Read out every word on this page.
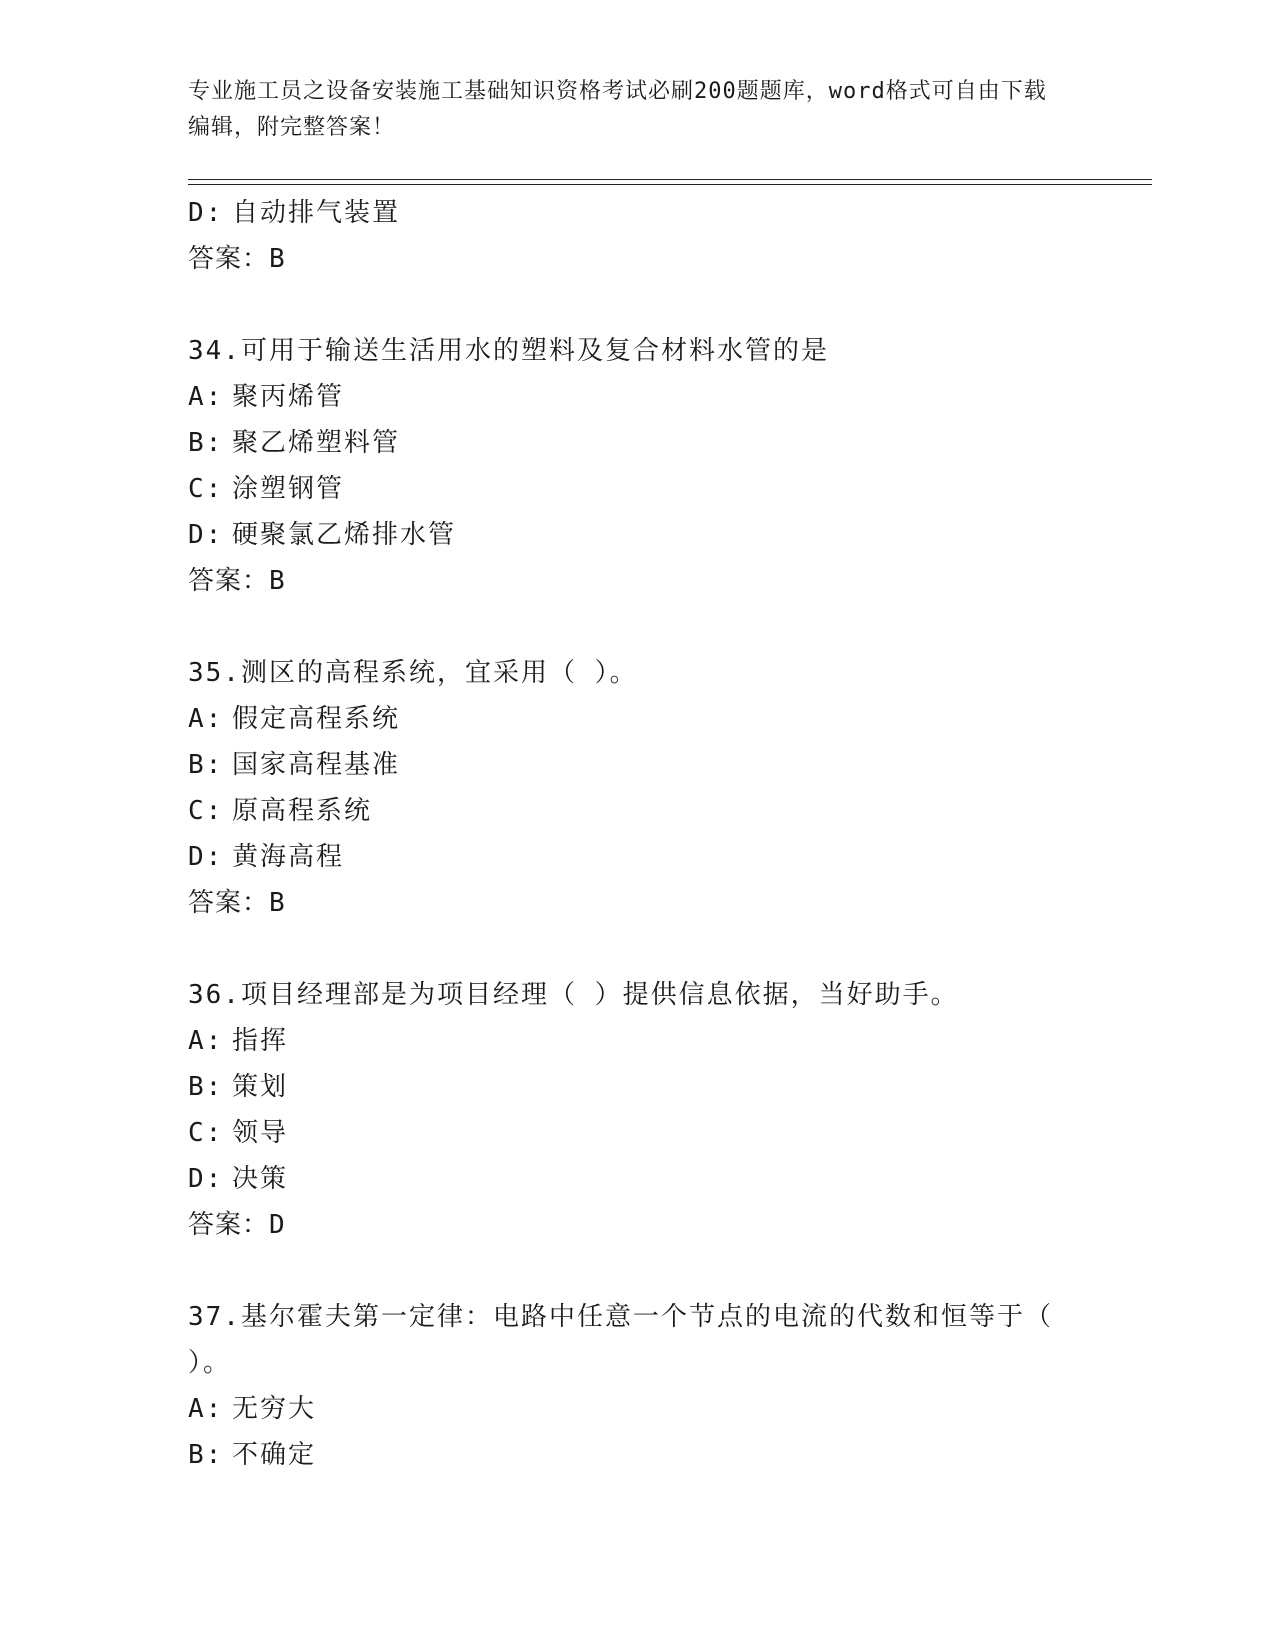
专业施工员之设备安装施工基础知识资格考试必刷200题题库，word格式可自由下载编辑，附完整答案！
D: 自动排气装置
答案：B
34.可用于输送生活用水的塑料及复合材料水管的是
A: 聚丙烯管
B: 聚乙烯塑料管
C: 涂塑钢管
D: 硬聚氯乙烯排水管
答案：B
35.测区的高程系统，宜采用（ ）。
A: 假定高程系统
B: 国家高程基准
C: 原高程系统
D: 黄海高程
答案：B
36.项目经理部是为项目经理（ ）提供信息依据，当好助手。
A: 指挥
B: 策划
C: 领导
D: 决策
答案：D
37.基尔霍夫第一定律：电路中任意一个节点的电流的代数和恒等于（ ）。
A: 无穷大
B: 不确定
